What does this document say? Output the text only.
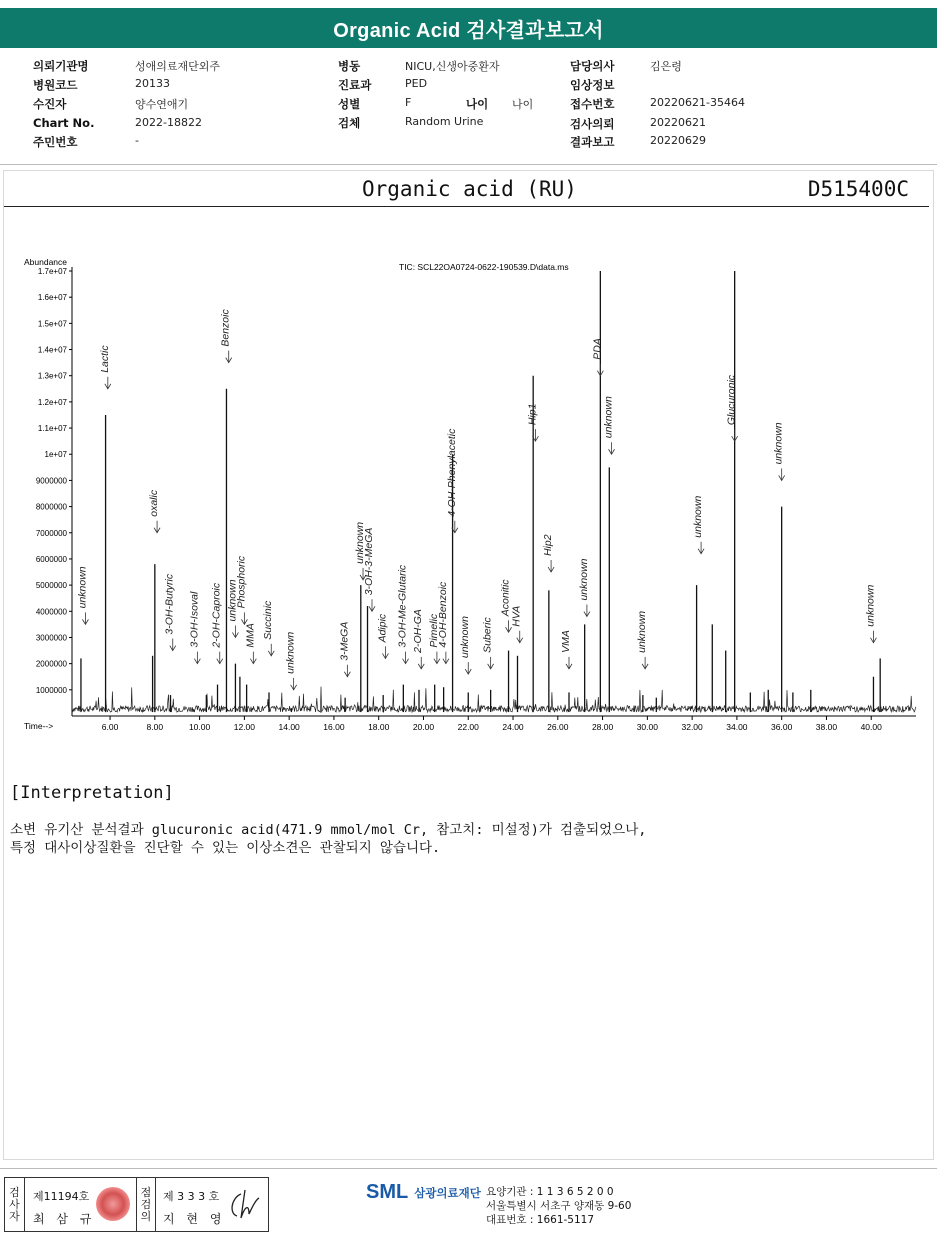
Organic Acid 검사결과보고서
의뢰기관명	성애의료재단외주
병원코드	20133
수진자	양수연애기
Chart No.	2022-18822
주민번호	-
병동	NICU,신생아중환자
진료과	PED
성별	F	나이 나이
검체	Random Urine
담당의사	김은령
임상정보
접수번호	20220621-35464
검사의뢰	20220621
결과보고	20220629
Organic acid (RU)	D515400C
1000000
2000000
3000000
4000000
5000000
6000000
7000000
8000000
9000000
1e+07
1.1e+07
1.2e+07
1.3e+07
1.4e+07
1.5e+07
1.6e+07
1.7e+07
6.00	8.00	10.00	12.00	14.00	16.00	18.00	20.00	22.00	24.00	26.00	28.00	30.00	32.00	34.00	36.00	38.00	40.00
unknown
Lactic
oxalic
3-OH-Butyric 3-OH-Isoval 2-OH-Caproic
Benzoic
unknown
Phosphoric
MMA Succinic
unknown	3-MeGA
unknown
3-OH-3-MeGA
Adipic 3-OH-Me-Glutaric 2-OH-GA Pimelic
4-OH-Benzoic
4-OH-Phenylacetic
unknown Suberic
Aconitic HVA
Hip1
Hip2
VMA
unknown
PDA
unknown
unknown
unknown
Glucuronic
unknown
unknown
Abundance	TIC: SCL22OA0724-0622-190539.D\data.ms
Time-->
[Interpretation]
소변 유기산 분석결과 glucuronic acid(471.9 mmol/mol Cr, 참고치: 미설정)가 검출되었으나,
특정 대사이상질환을 진단할 수 있는 이상소견은 관찰되지 않습니다.
검
사
자
제11194호
최 삼 규
점
검
의
제 3 3 3 호
지 현 영
SML 삼광의료재단 요양기관 : 1 1 3 6 5 2 0 0
서울특별시 서초구 양재동 9-60
대표번호 : 1661-5117
